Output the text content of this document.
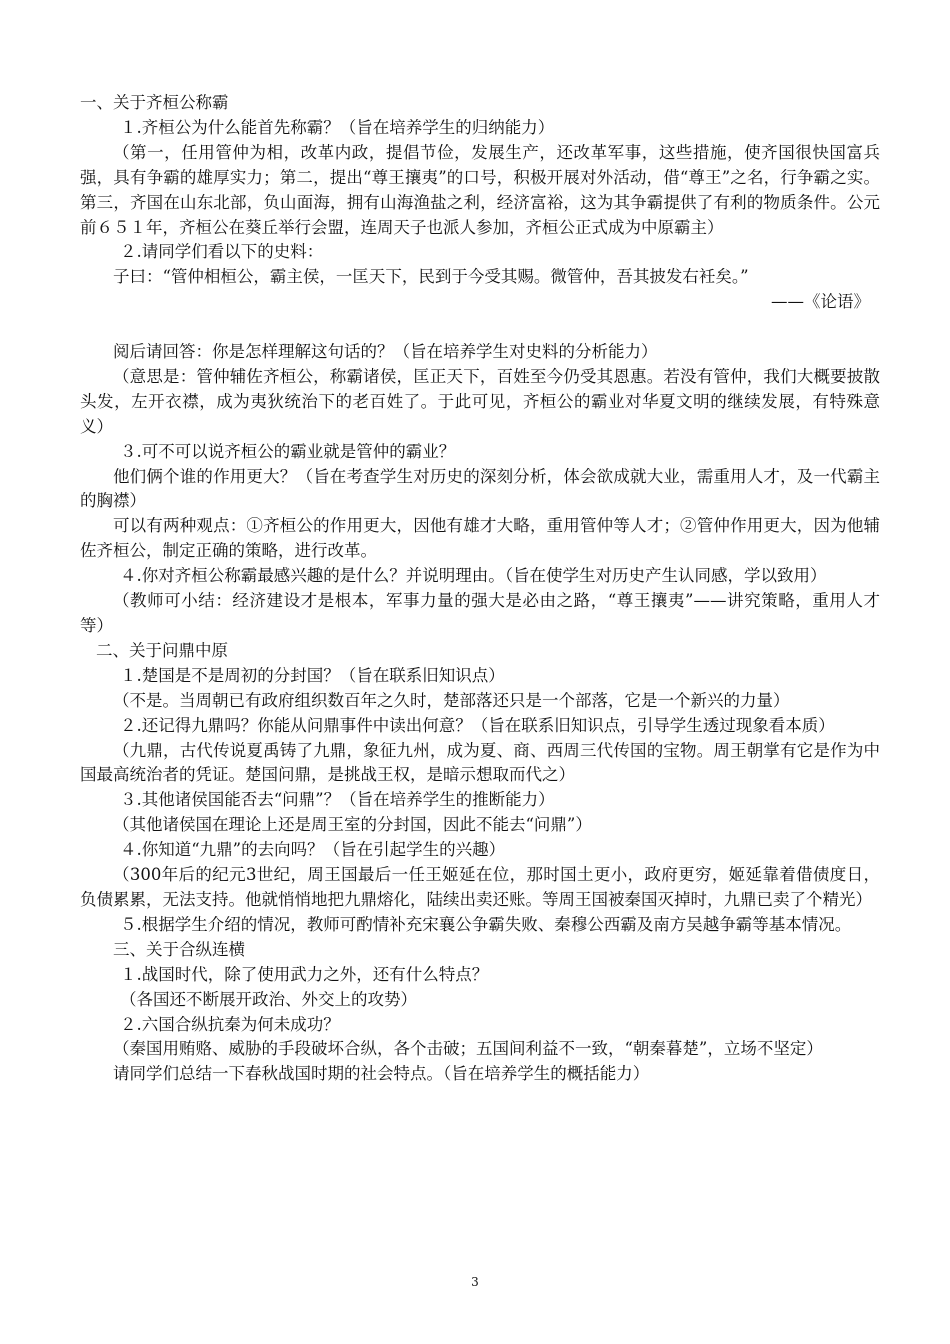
一、关于齐桓公称霸

１.齐桓公为什么能首先称霸？（旨在培养学生的归纳能力）

（第一，任用管仲为相，改革内政，提倡节俭，发展生产，还改革军事，这些措施，使齐国很快国富兵强，具有争霸的雄厚实力；第二，提出“尊王攘夷”的口号，积极开展对外活动，借“尊王”之名，行争霸之实。第三，齐国在山东北部，负山面海，拥有山海渔盐之利，经济富裕，这为其争霸提供了有利的物质条件。公元前６５１年，齐桓公在葵丘举行会盟，连周天子也派人参加，齐桓公正式成为中原霸主）

２.请同学们看以下的史料：

子曰：“管仲相桓公，霸主侯，一匡天下，民到于今受其赐。微管仲，吾其披发右衽矣。”

——《论语》

阅后请回答：你是怎样理解这句话的？（旨在培养学生对史料的分析能力）

（意思是：管仲辅佐齐桓公，称霸诸侯，匡正天下，百姓至今仍受其恩惠。若没有管仲，我们大概要披散头发，左开衣襟，成为夷狄统治下的老百姓了。于此可见，齐桓公的霸业对华夏文明的继续发展，有特殊意义）

３.可不可以说齐桓公的霸业就是管仲的霸业？

他们俩个谁的作用更大？（旨在考查学生对历史的深刻分析，体会欲成就大业，需重用人才，及一代霸主的胸襟）

可以有两种观点：①齐桓公的作用更大，因他有雄才大略，重用管仲等人才；②管仲作用更大，因为他辅佐齐桓公，制定正确的策略，进行改革。

４.你对齐桓公称霸最感兴趣的是什么？并说明理由。（旨在使学生对历史产生认同感，学以致用）

（教师可小结：经济建设才是根本，军事力量的强大是必由之路，“尊王攘夷”——讲究策略，重用人才等）

二、关于问鼎中原

１.楚国是不是周初的分封国？（旨在联系旧知识点）

（不是。当周朝已有政府组织数百年之久时，楚部落还只是一个部落，它是一个新兴的力量）

２.还记得九鼎吗？你能从问鼎事件中读出何意？（旨在联系旧知识点，引导学生透过现象看本质）

（九鼎，古代传说夏禹铸了九鼎，象征九州，成为夏、商、西周三代传国的宝物。周王朝掌有它是作为中国最高统治者的凭证。楚国问鼎，是挑战王权，是暗示想取而代之）

３.其他诸侯国能否去“问鼎”？（旨在培养学生的推断能力）

（其他诸侯国在理论上还是周王室的分封国，因此不能去“问鼎”）

４.你知道“九鼎”的去向吗？（旨在引起学生的兴趣）

（300年后的纪元3世纪，周王国最后一任王姬延在位，那时国土更小，政府更穷，姬延靠着借债度日，负债累累，无法支持。他就悄悄地把九鼎熔化，陆续出卖还账。等周王国被秦国灭掉时，九鼎已卖了个精光）

５.根据学生介绍的情况，教师可酌情补充宋襄公争霸失败、秦穆公西霸及南方吴越争霸等基本情况。

三、关于合纵连横

１.战国时代，除了使用武力之外，还有什么特点？

（各国还不断展开政治、外交上的攻势）

２.六国合纵抗秦为何未成功？

（秦国用贿赂、威胁的手段破坏合纵，各个击破；五国间利益不一致，“朝秦暮楚”，立场不坚定）

请同学们总结一下春秋战国时期的社会特点。（旨在培养学生的概括能力）

3
